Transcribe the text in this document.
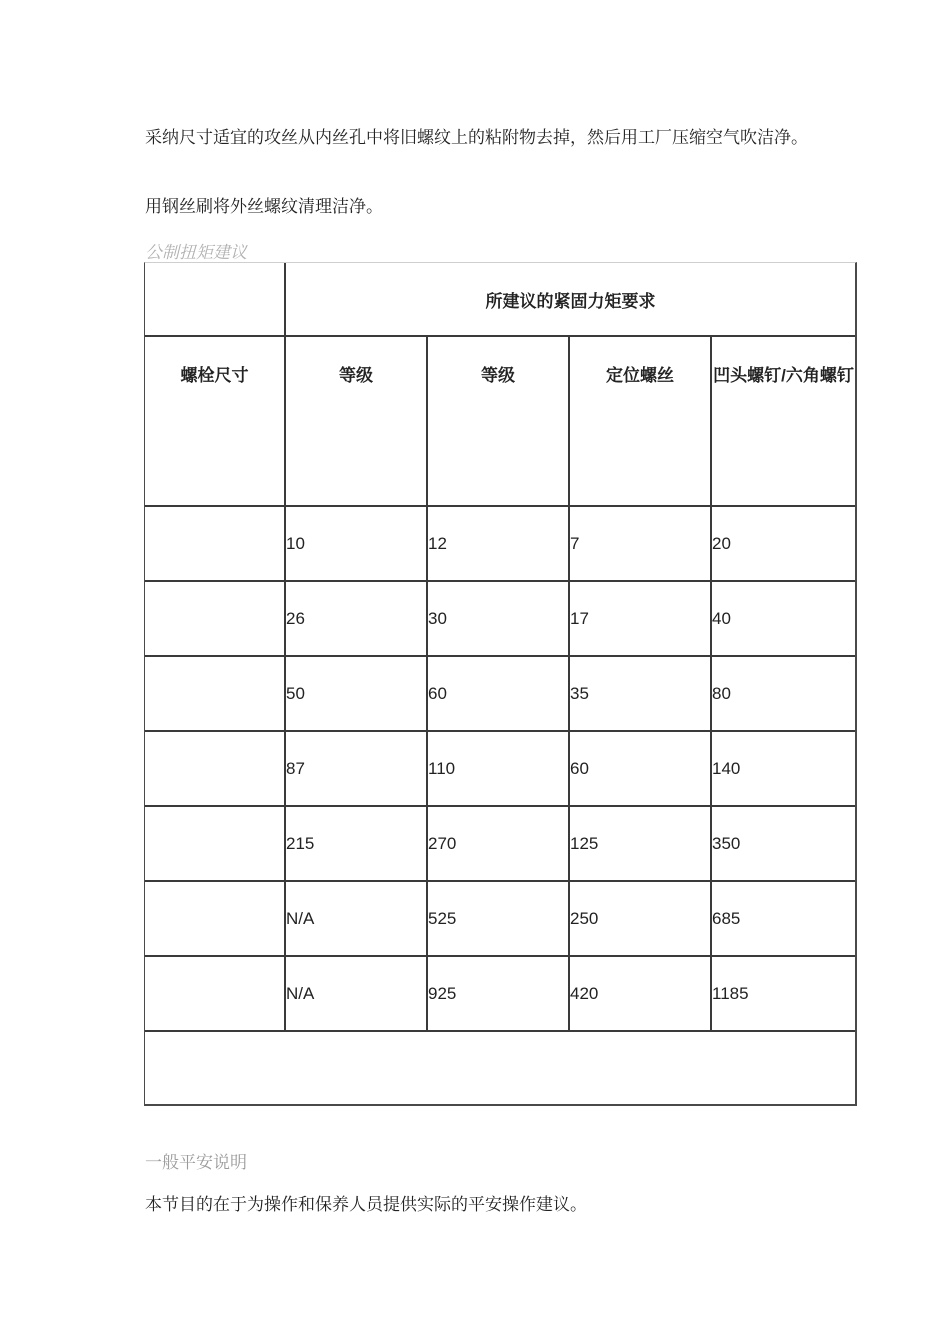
采纳尺寸适宜的攻丝从内丝孔中将旧螺纹上的粘附物去掉，然后用工厂压缩空气吹洁净。

用钢丝刷将外丝螺纹清理洁净。

公制扭矩建议

	所建议的紧固力矩要求			
螺栓尺寸	等级	等级	定位螺丝	凹头螺钉/六角螺钉

	10	12	7	20
	26	30	17	40
	50	60	35	80
	87	110	60	140
	215	270	125	350
	N/A	525	250	685
	N/A	925	420	1185

一般平安说明

本节目的在于为操作和保养人员提供实际的平安操作建议。
